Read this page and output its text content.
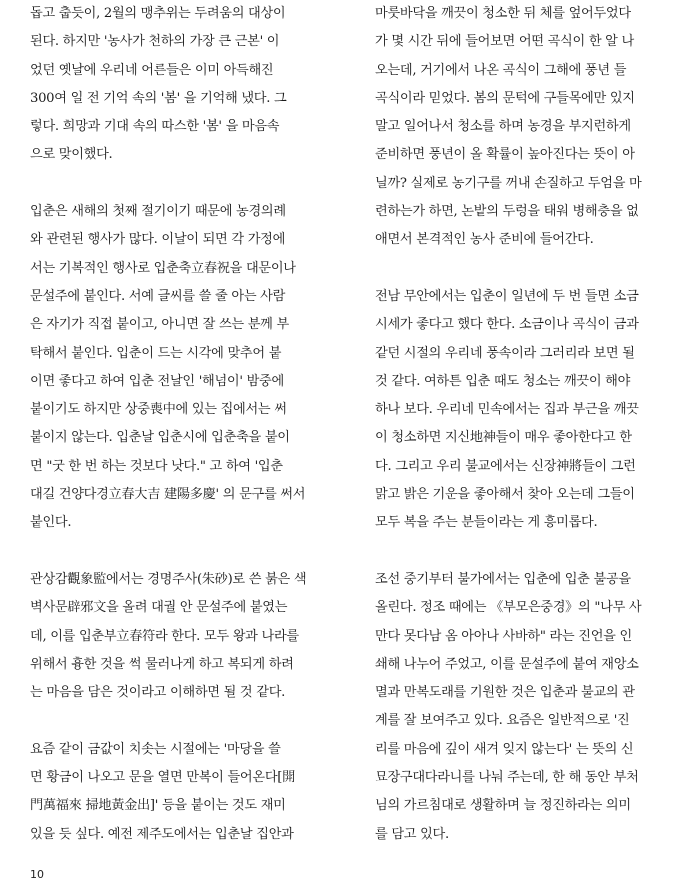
돕고 춥듯이, 2월의 맹추위는 두려움의 대상이
된다. 하지만 '농사가 천하의 가장 큰 근본' 이
었던 옛날에 우리네 어른들은 이미 아득해진
300여 일 전 기억 속의 '봄' 을 기억해 냈다. 그
렇다. 희망과 기대 속의 따스한 '봄' 을 마음속
으로 맞이했다.
입춘은 새해의 첫째 절기이기 때문에 농경의례
와 관련된 행사가 많다. 이날이 되면 각 가정에
서는 기복적인 행사로 입춘축立春祝을 대문이나
문설주에 붙인다. 서예 글씨를 쓸 줄 아는 사람
은 자기가 직접 붙이고, 아니면 잘 쓰는 분께 부
탁해서 붙인다. 입춘이 드는 시각에 맞추어 붙
이면 좋다고 하여 입춘 전날인 '해넘이' 밤중에
붙이기도 하지만 상중喪中에 있는 집에서는 써
붙이지 않는다. 입춘날 입춘시에 입춘축을 붙이
면 "굿 한 번 하는 것보다 낫다." 고 하여 '입춘
대길 건양다경立春大吉 建陽多慶' 의 문구를 써서
붙인다.
관상감觀象監에서는 경명주사(朱砂)로 쓴 붉은 색
벽사문辟邪文을 올려 대궐 안 문설주에 붙였는
데, 이를 입춘부立春符라 한다. 모두 왕과 나라를
위해서 흉한 것을 썩 물러나게 하고 복되게 하려
는 마음을 담은 것이라고 이해하면 될 것 같다.
요즘 같이 금값이 치솟는 시절에는 '마당을 쓸
면 황금이 나오고 문을 열면 만복이 들어온다[開
門萬福來 掃地黃金出]' 등을 붙이는 것도 재미
있을 듯 싶다. 예전 제주도에서는 입춘날 집안과
마룻바닥을 깨끗이 청소한 뒤 체를 엎어두었다
가 몇 시간 뒤에 들어보면 어떤 곡식이 한 알 나
오는데, 거기에서 나온 곡식이 그해에 풍년 들
곡식이라 믿었다. 봄의 문턱에 구들목에만 있지
말고 일어나서 청소를 하며 농경을 부지런하게
준비하면 풍년이 올 확률이 높아진다는 뜻이 아
닐까? 실제로 농기구를 꺼내 손질하고 두엄을 마
련하는가 하면, 논밭의 두렁을 태워 병해충을 없
애면서 본격적인 농사 준비에 들어간다.
전남 무안에서는 입춘이 일년에 두 번 들면 소금
시세가 좋다고 했다 한다. 소금이나 곡식이 금과
같던 시절의 우리네 풍속이라 그러리라 보면 될
것 같다. 여하튼 입춘 때도 청소는 깨끗이 해야
하나 보다. 우리네 민속에서는 집과 부근을 깨끗
이 청소하면 지신地神들이 매우 좋아한다고 한
다. 그리고 우리 불교에서는 신장神將들이 그런
맑고 밝은 기운을 좋아해서 찾아 오는데 그들이
모두 복을 주는 분들이라는 게 흥미롭다.
조선 중기부터 불가에서는 입춘에 입춘 불공을
올린다. 정조 때에는 《부모은중경》의 "나무 사
만다 못다남 옴 아아나 사바하" 라는 진언을 인
쇄해 나누어 주었고, 이를 문설주에 붙여 재앙소
멸과 만복도래를 기원한 것은 입춘과 불교의 관
계를 잘 보여주고 있다. 요즘은 일반적으로 '진
리를 마음에 깊이 새겨 잊지 않는다' 는 뜻의 신
묘장구대다라니를 나눠 주는데, 한 해 동안 부처
님의 가르침대로 생활하며 늘 정진하라는 의미
를 담고 있다.
10
